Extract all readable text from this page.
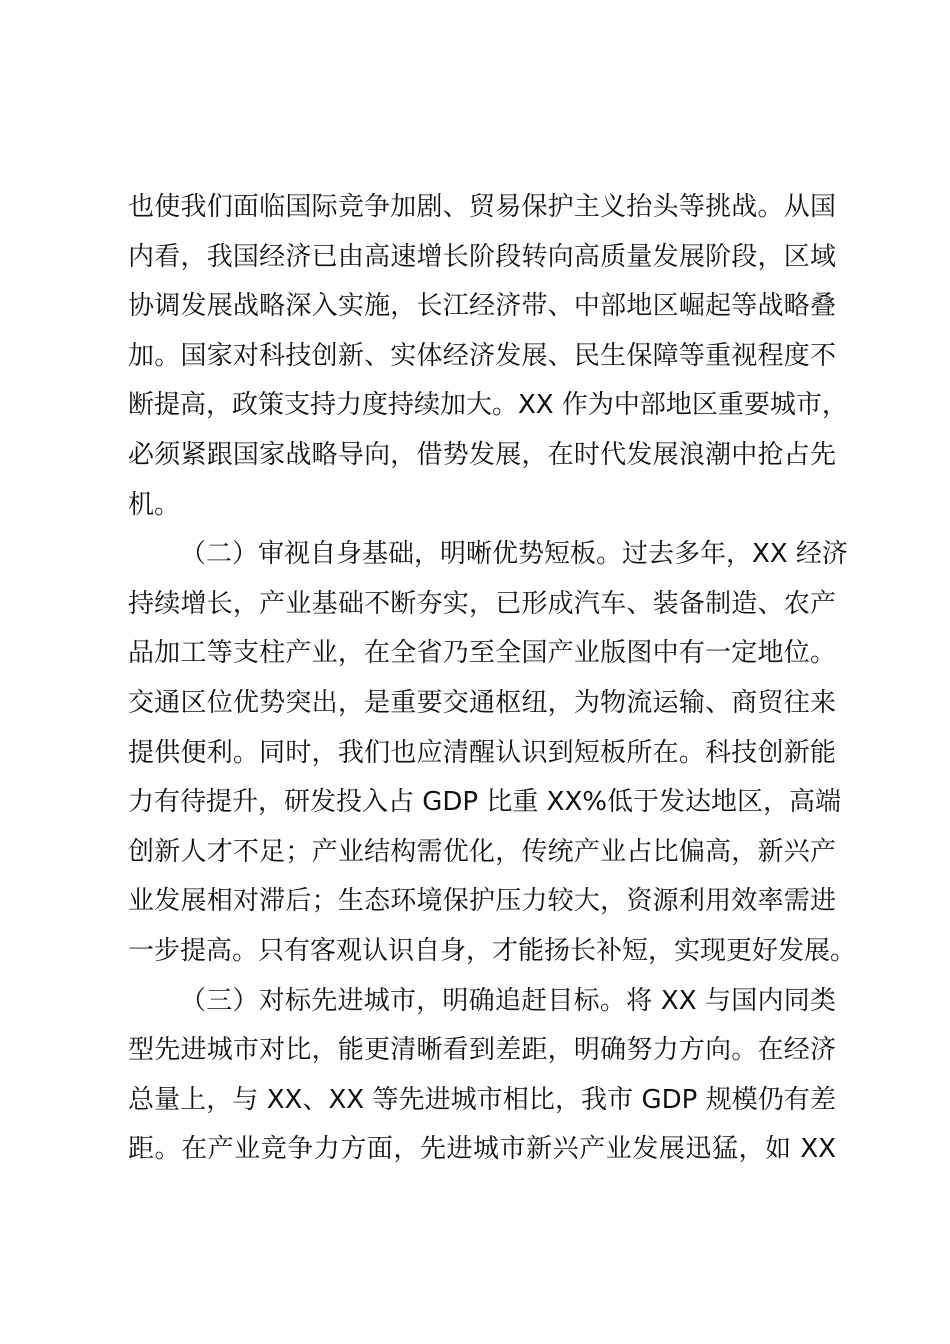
也使我们面临国际竞争加剧、贸易保护主义抬头等挑战。从国
内看，我国经济已由高速增长阶段转向高质量发展阶段，区域
协调发展战略深入实施，长江经济带、中部地区崛起等战略叠
加。国家对科技创新、实体经济发展、民生保障等重视程度不
断提高，政策支持力度持续加大。XX 作为中部地区重要城市，
必须紧跟国家战略导向，借势发展，在时代发展浪潮中抢占先
机。

（二）审视自身基础，明晰优势短板。过去多年，XX 经济
持续增长，产业基础不断夯实，已形成汽车、装备制造、农产
品加工等支柱产业，在全省乃至全国产业版图中有一定地位。
交通区位优势突出，是重要交通枢纽，为物流运输、商贸往来
提供便利。同时，我们也应清醒认识到短板所在。科技创新能
力有待提升，研发投入占 GDP 比重 XX%低于发达地区，高端
创新人才不足；产业结构需优化，传统产业占比偏高，新兴产
业发展相对滞后；生态环境保护压力较大，资源利用效率需进
一步提高。只有客观认识自身，才能扬长补短，实现更好发展。

（三）对标先进城市，明确追赶目标。将 XX 与国内同类
型先进城市对比，能更清晰看到差距，明确努力方向。在经济
总量上，与 XX、XX 等先进城市相比，我市 GDP 规模仍有差
距。在产业竞争力方面，先进城市新兴产业发展迅猛，如 XX
